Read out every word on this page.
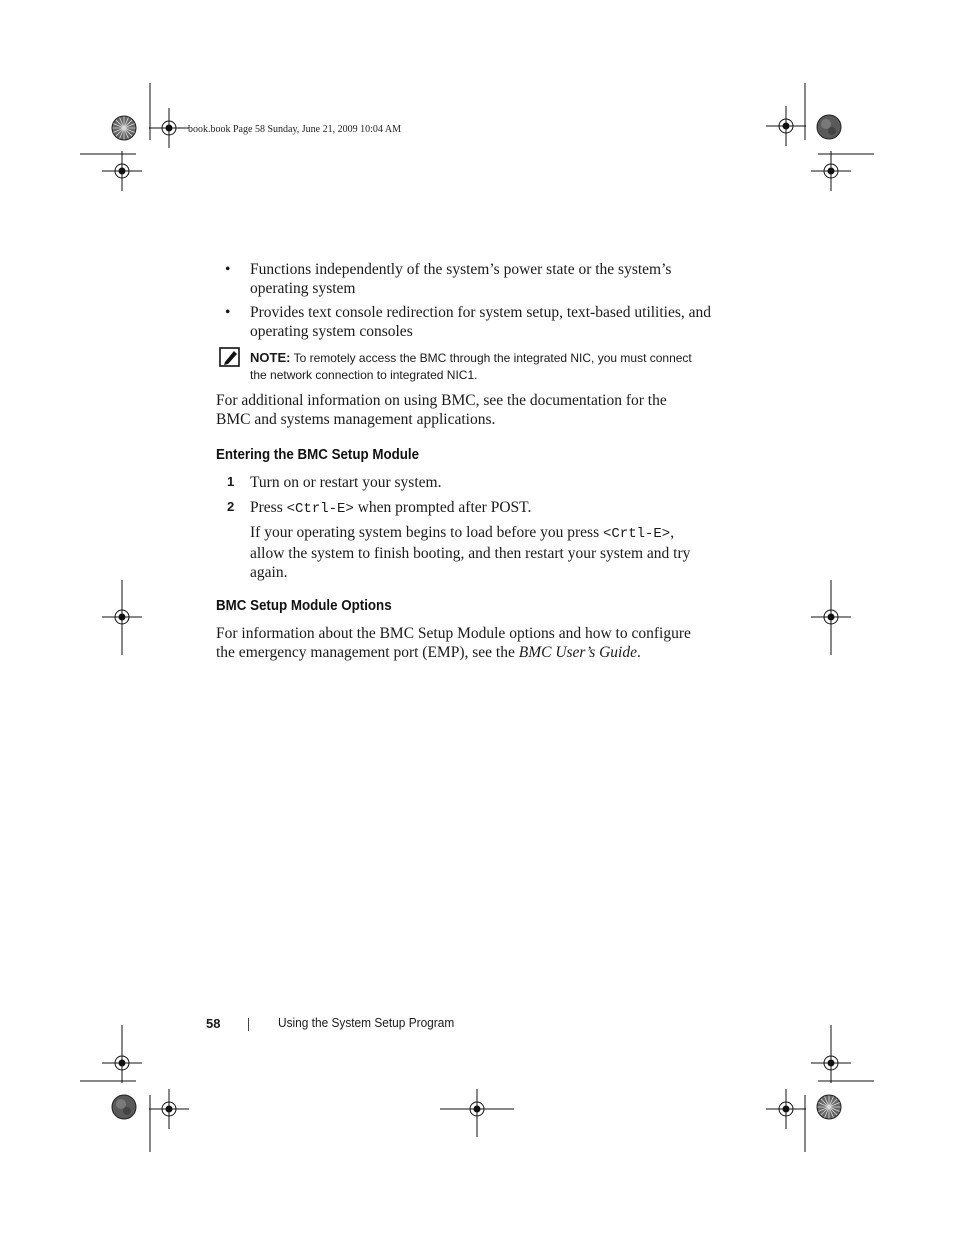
book.book Page 58 Sunday, June 21, 2009 10:04 AM
• Functions independently of the system’s power state or the system’s
operating system
• Provides text console redirection for system setup, text-based utilities, and
operating system consoles
NOTE: To remotely access the BMC through the integrated NIC, you must connect
the network connection to integrated NIC1.
For additional information on using BMC, see the documentation for the
BMC and systems management applications.
Entering the BMC Setup Module
1 Turn on or restart your system.
2 Press <Ctrl-E> when prompted after POST.
If your operating system begins to load before you press <Crtl-E>,
allow the system to finish booting, and then restart your system and try
again.
BMC Setup Module Options
For information about the BMC Setup Module options and how to configure
the emergency management port (EMP), see the BMC User’s Guide.
58	Using the System Setup Program
